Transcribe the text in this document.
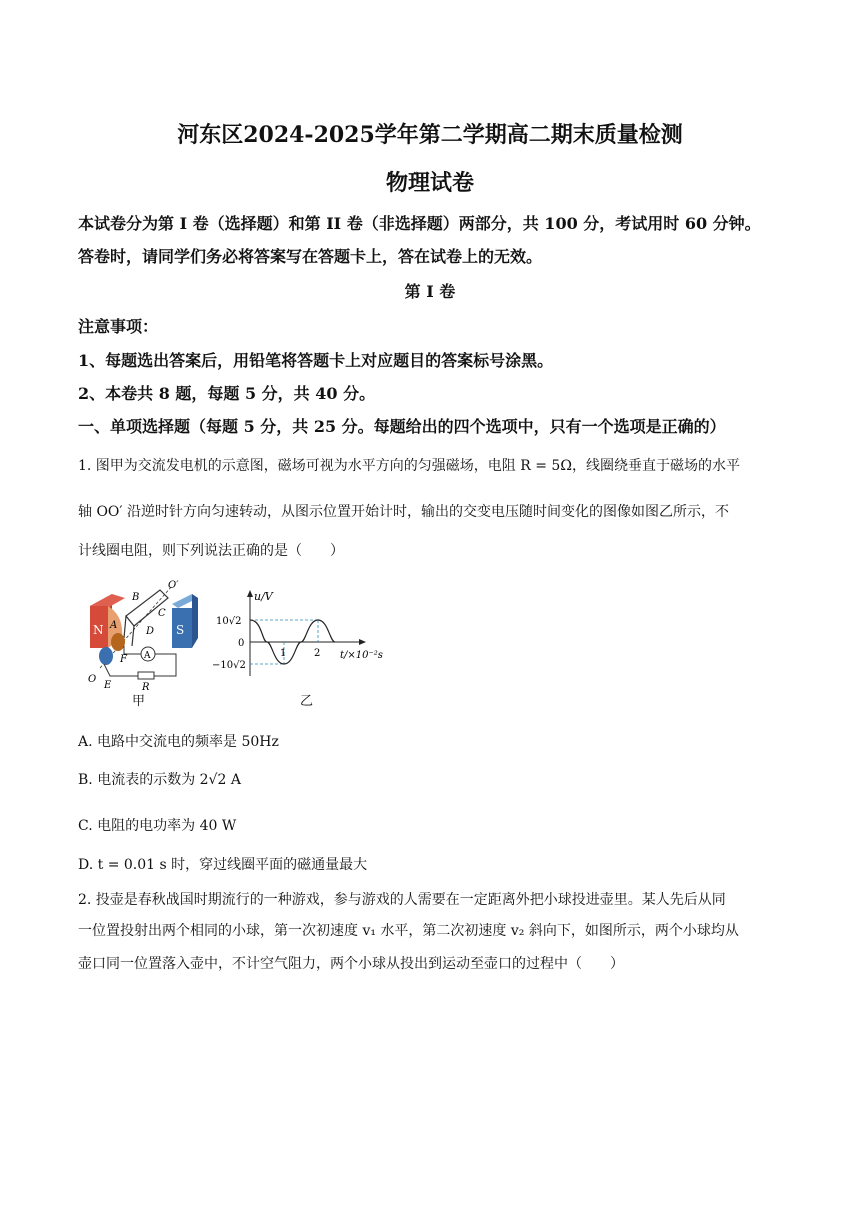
河东区2024-2025学年第二学期高二期末质量检测
物理试卷
本试卷分为第 I 卷（选择题）和第 II 卷（非选择题）两部分，共 100 分，考试用时 60 分钟。
答卷时，请同学们务必将答案写在答题卡上，答在试卷上的无效。
第 I 卷
注意事项：
1、每题选出答案后，用铅笔将答题卡上对应题目的答案标号涂黑。
2、本卷共 8 题，每题 5 分，共 40 分。
一、单项选择题（每题 5 分，共 25 分。每题给出的四个选项中，只有一个选项是正确的）
1. 图甲为交流发电机的示意图，磁场可视为水平方向的匀强磁场，电阻 R = 5Ω，线圈绕垂直于磁场的水平
轴 OO′ 沿逆时针方向匀速转动，从图示位置开始计时，输出的交变电压随时间变化的图像如图乙所示，不
计线圈电阻，则下列说法正确的是（　　）
N	S
A
B
C
O′
A
D
F
O
E	R
甲
u/V
10√2
0
−10√2
1	2 t/×10⁻²s
乙
A. 电路中交流电的频率是 50Hz
B. 电流表的示数为 2√2 A
C. 电阻的电功率为 40 W
D. t = 0.01 s 时，穿过线圈平面的磁通量最大
2. 投壶是春秋战国时期流行的一种游戏，参与游戏的人需要在一定距离外把小球投进壶里。某人先后从同
一位置投射出两个相同的小球，第一次初速度 v₁ 水平，第二次初速度 v₂ 斜向下，如图所示，两个小球均从
壶口同一位置落入壶中，不计空气阻力，两个小球从投出到运动至壶口的过程中（　　）
